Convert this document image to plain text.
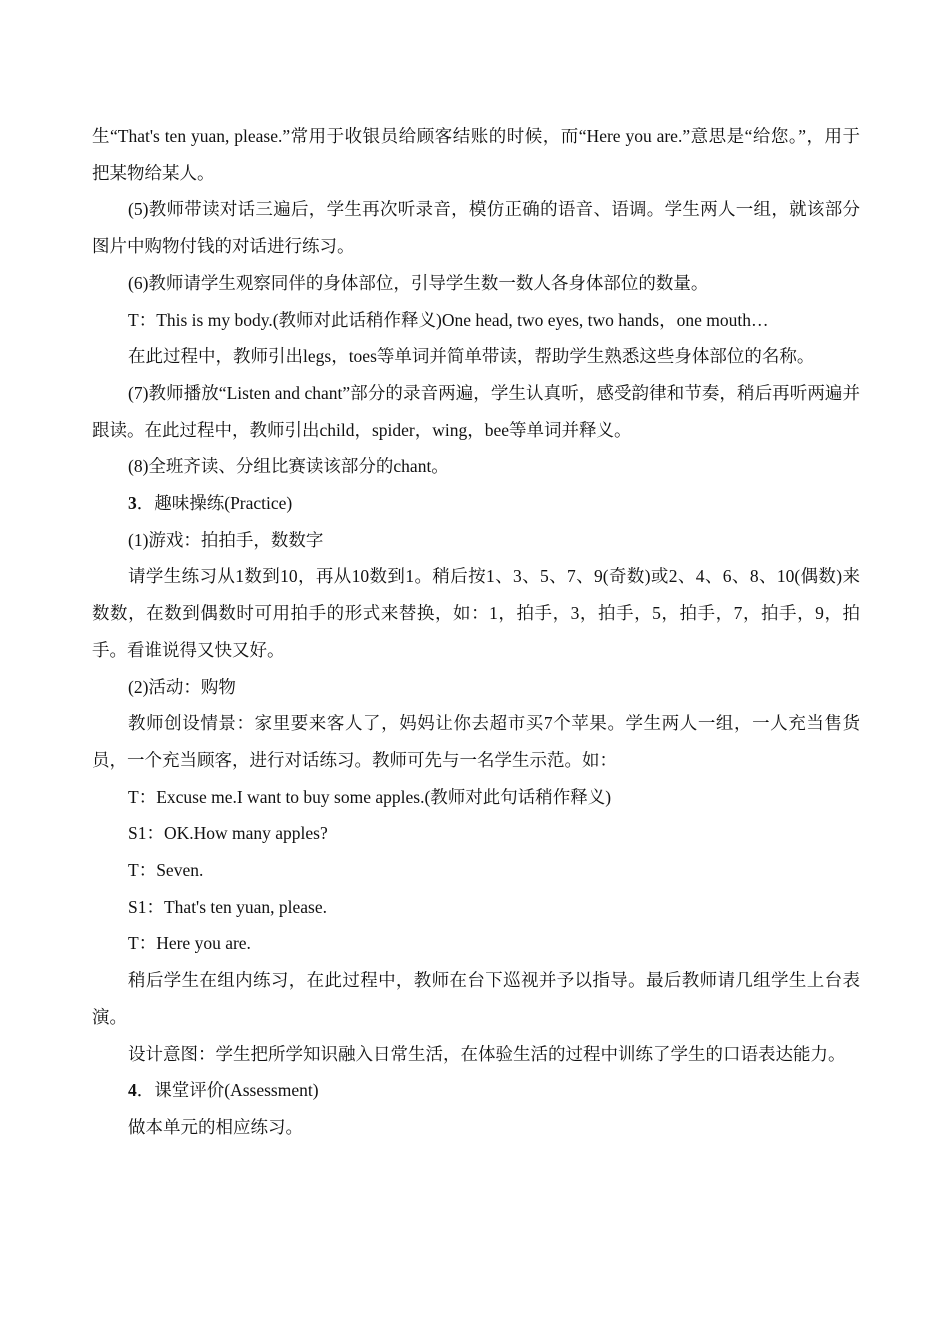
生“That's ten yuan, please.”常用于收银员给顾客结账的时候，而“Here you are.”意思是“给您。”，用于把某物给某人。

(5)教师带读对话三遍后，学生再次听录音，模仿正确的语音、语调。学生两人一组，就该部分图片中购物付钱的对话进行练习。

(6)教师请学生观察同伴的身体部位，引导学生数一数人各身体部位的数量。

T：This is my body.(教师对此话稍作释义)One head, two eyes, two hands，one mouth…

在此过程中，教师引出legs，toes等单词并简单带读，帮助学生熟悉这些身体部位的名称。

(7)教师播放“Listen and chant”部分的录音两遍，学生认真听，感受韵律和节奏，稍后再听两遍并跟读。在此过程中，教师引出child，spider，wing，bee等单词并释义。

(8)全班齐读、分组比赛读该部分的chant。

3．趣味操练(Practice)

(1)游戏：拍拍手，数数字

请学生练习从1数到10，再从10数到1。稍后按1、3、5、7、9(奇数)或2、4、6、8、10(偶数)来数数，在数到偶数时可用拍手的形式来替换，如：1，拍手，3，拍手，5，拍手，7，拍手，9，拍手。看谁说得又快又好。

(2)活动：购物

教师创设情景：家里要来客人了，妈妈让你去超市买7个苹果。学生两人一组，一人充当售货员，一个充当顾客，进行对话练习。教师可先与一名学生示范。如：

T：Excuse me.I want to buy some apples.(教师对此句话稍作释义)

S1：OK.How many apples?

T：Seven.

S1：That's ten yuan, please.

T：Here you are.

稍后学生在组内练习，在此过程中，教师在台下巡视并予以指导。最后教师请几组学生上台表演。

设计意图：学生把所学知识融入日常生活，在体验生活的过程中训练了学生的口语表达能力。

4．课堂评价(Assessment)

做本单元的相应练习。
